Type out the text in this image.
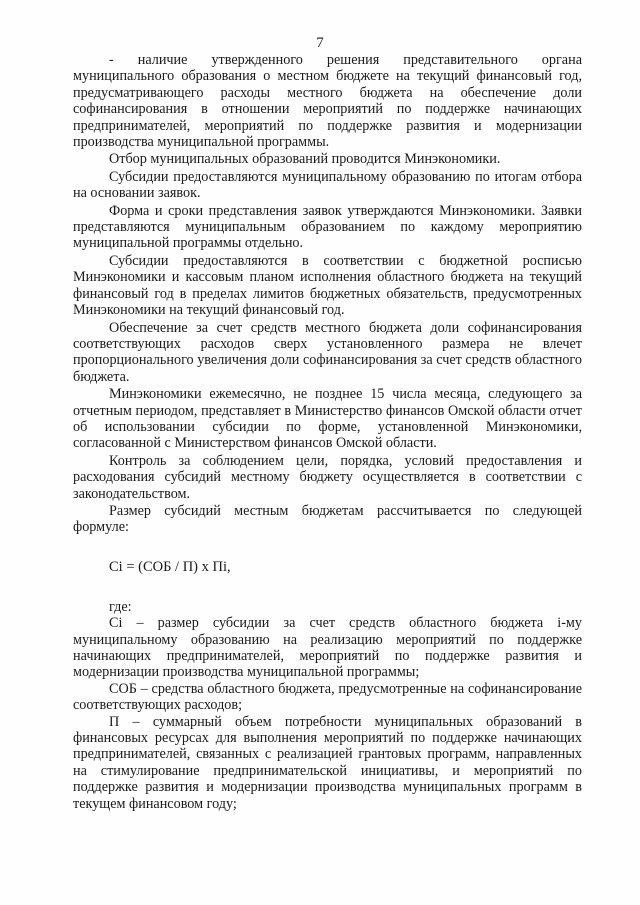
7

- наличие утвержденного решения представительного органа муниципального образования о местном бюджете на текущий финансовый год, предусматривающего расходы местного бюджета на обеспечение доли софинансирования в отношении мероприятий по поддержке начинающих предпринимателей, мероприятий по поддержке развития и модернизации производства муниципальной программы.

Отбор муниципальных образований проводится Минэкономики.

Субсидии предоставляются муниципальному образованию по итогам отбора на основании заявок.

Форма и сроки представления заявок утверждаются Минэкономики. Заявки представляются муниципальным образованием по каждому мероприятию муниципальной программы отдельно.

Субсидии предоставляются в соответствии с бюджетной росписью Минэкономики и кассовым планом исполнения областного бюджета на текущий финансовый год в пределах лимитов бюджетных обязательств, предусмотренных Минэкономики на текущий финансовый год.

Обеспечение за счет средств местного бюджета доли софинансирования соответствующих расходов сверх установленного размера не влечет пропорционального увеличения доли софинансирования за счет средств областного бюджета.

Минэкономики ежемесячно, не позднее 15 числа месяца, следующего за отчетным периодом, представляет в Министерство финансов Омской области отчет об использовании субсидии по форме, установленной Минэкономики, согласованной с Министерством финансов Омской области.

Контроль за соблюдением цели, порядка, условий предоставления и расходования субсидий местному бюджету осуществляется в соответствии с законодательством.

Размер субсидий местным бюджетам рассчитывается по следующей формуле:

Ci = (СОБ / П) x Пi,
где:

Ci – размер субсидии за счет средств областного бюджета i-му муниципальному образованию на реализацию мероприятий по поддержке начинающих предпринимателей, мероприятий по поддержке развития и модернизации производства муниципальной программы;

СОБ – средства областного бюджета, предусмотренные на софинансирование соответствующих расходов;

П – суммарный объем потребности муниципальных образований в финансовых ресурсах для выполнения мероприятий по поддержке начинающих предпринимателей, связанных с реализацией грантовых программ, направленных на стимулирование предпринимательской инициативы, и мероприятий по поддержке развития и модернизации производства муниципальных программ в текущем финансовом году;
